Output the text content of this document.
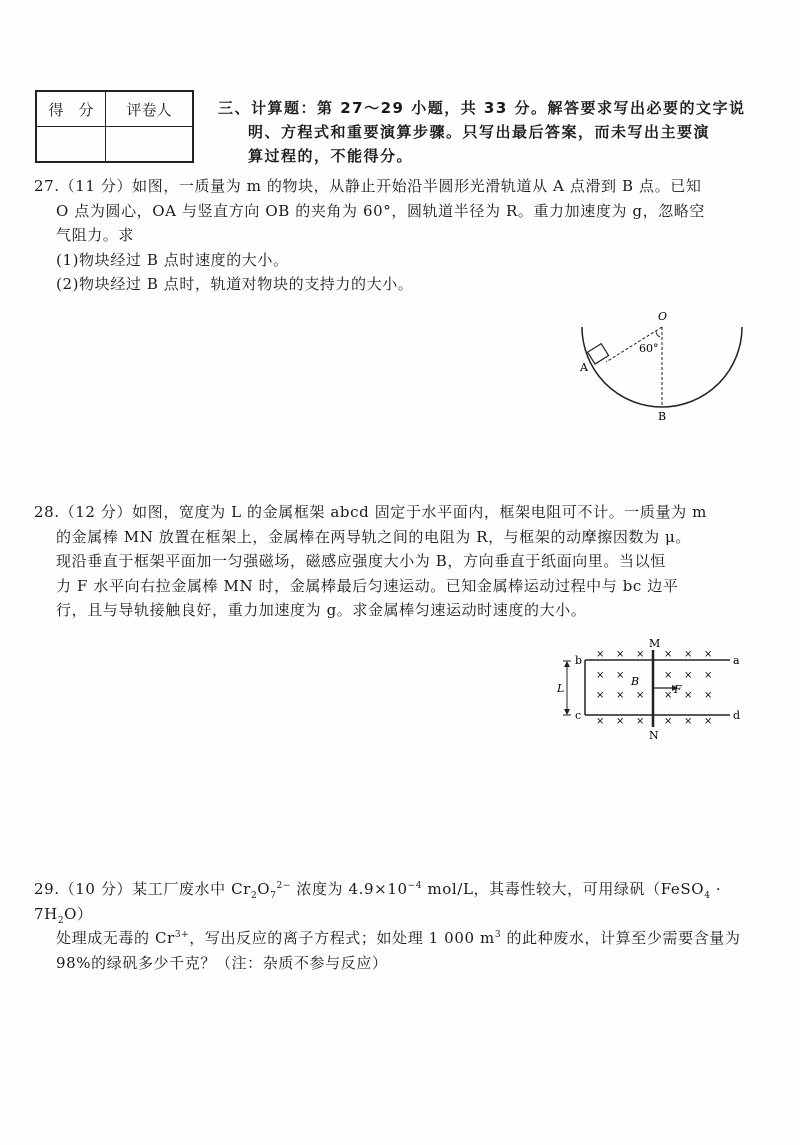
得　分	评卷人
		三、计算题：第 27～29 小题，共 33 分。解答要求写出必要的文字说
明、方程式和重要演算步骤。只写出最后答案，而未写出主要演
算过程的，不能得分。

27.（11 分）如图，一质量为 m 的物块，从静止开始沿半圆形光滑轨道从 A 点滑到 B 点。已知

O 点为圆心，OA 与竖直方向 OB 的夹角为 60°，圆轨道半径为 R。重力加速度为 g，忽略空

气阻力。求

(1)物块经过 B 点时速度的大小。

(2)物块经过 B 点时，轨道对物块的支持力的大小。

O
60°
A
B

28.（12 分）如图，宽度为 L 的金属框架 abcd 固定于水平面内，框架电阻可不计。一质量为 m

的金属棒 MN 放置在框架上，金属棒在两导轨之间的电阻为 R，与框架的动摩擦因数为 μ。

现沿垂直于框架平面加一匀强磁场，磁感应强度大小为 B，方向垂直于纸面向里。当以恒

力 F 水平向右拉金属棒 MN 时，金属棒最后匀速运动。已知金属棒运动过程中与 bc 边平

行，且与导轨接触良好，重力加速度为 g。求金属棒匀速运动时速度的大小。

× × × × × ×
× ×	× × ×
× × × × × ×
× × × × × ×
M
N
b
c
a
d
L
B
F

29.（10 分）某工厂废水中 $Cr_2O_7^{2-}$ 浓度为 $4.9\times 10^{-4}$ mol/L，其毒性较大，可用绿矾（FeSO$_4$ · $7H_2O$）

处理成无毒的 $Cr^{3+}$，写出反应的离子方程式；如处理 1 000 $m^3$ 的此种废水，计算至少需要含量为

98%的绿矾多少千克？（注：杂质不参与反应）
